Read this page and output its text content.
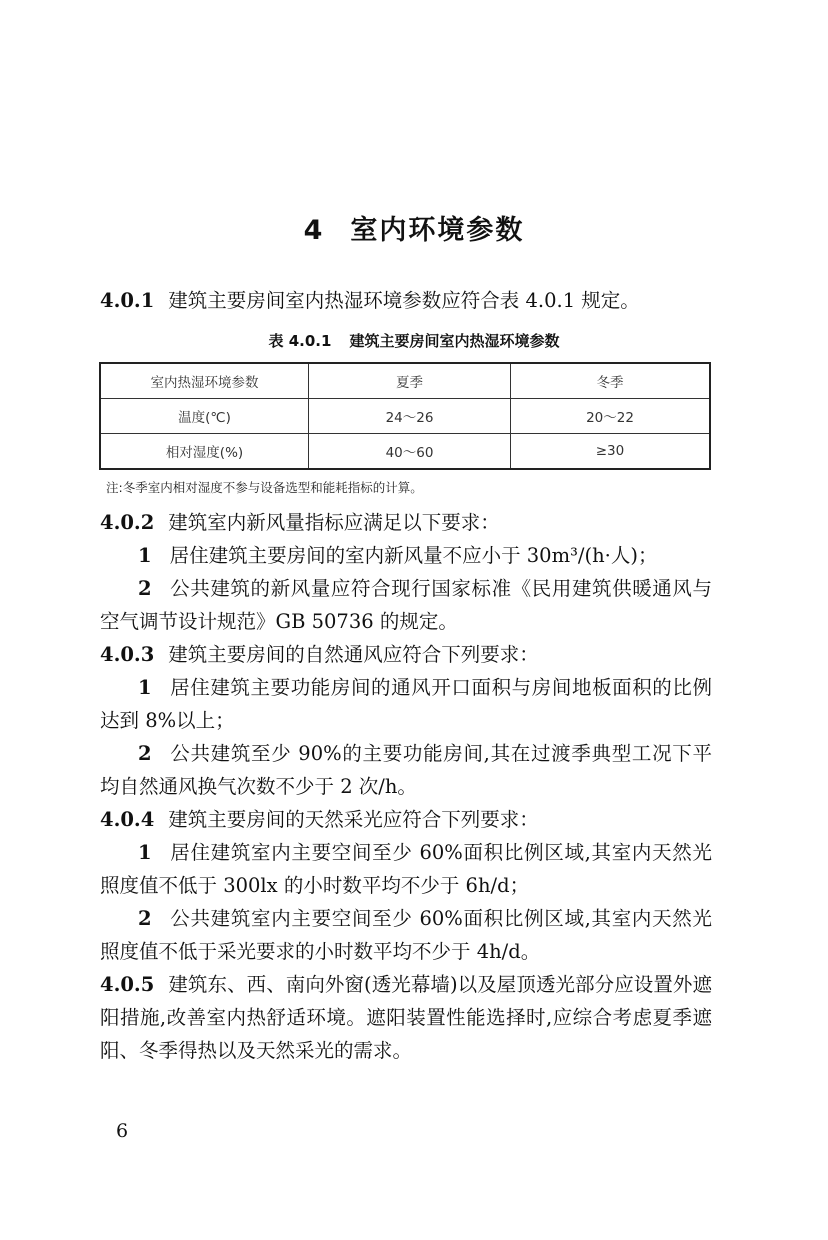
4 室内环境参数

4.0.1 建筑主要房间室内热湿环境参数应符合表 4.0.1 规定。

表 4.0.1 建筑主要房间室内热湿环境参数
室内热湿环境参数	夏季	冬季
温度(℃)	24～26	20～22
相对湿度(%)	40～60	≥30
注:冬季室内相对湿度不参与设备选型和能耗指标的计算。

4.0.2 建筑室内新风量指标应满足以下要求：

1 居住建筑主要房间的室内新风量不应小于 30m³/(h·人)；

2 公共建筑的新风量应符合现行国家标准《民用建筑供暖通风与空气调节设计规范》GB 50736 的规定。

4.0.3 建筑主要房间的自然通风应符合下列要求：

1 居住建筑主要功能房间的通风开口面积与房间地板面积的比例达到 8%以上；

2 公共建筑至少 90%的主要功能房间,其在过渡季典型工况下平均自然通风换气次数不少于 2 次/h。

4.0.4 建筑主要房间的天然采光应符合下列要求：

1 居住建筑室内主要空间至少 60%面积比例区域,其室内天然光照度值不低于 300lx 的小时数平均不少于 6h/d；

2 公共建筑室内主要空间至少 60%面积比例区域,其室内天然光照度值不低于采光要求的小时数平均不少于 4h/d。

4.0.5 建筑东、西、南向外窗(透光幕墙)以及屋顶透光部分应设置外遮阳措施,改善室内热舒适环境。遮阳装置性能选择时,应综合考虑夏季遮阳、冬季得热以及天然采光的需求。

6
